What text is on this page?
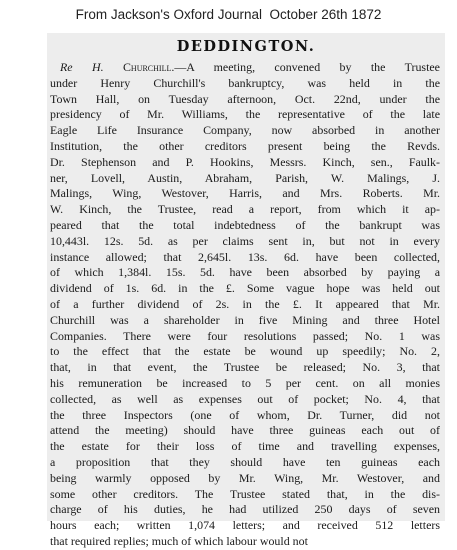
From Jackson's Oxford Journal  October 26th 1872
DEDDINGTON.
Re H. Churchill.—A meeting, convened by the Trustee
under Henry Churchill's bankruptcy, was held in the
Town Hall, on Tuesday afternoon, Oct. 22nd, under the
presidency of Mr. Williams, the representative of the late
Eagle Life Insurance Company, now absorbed in another
Institution, the other creditors present being the Revds.
Dr. Stephenson and P. Hookins, Messrs. Kinch, sen., Faulk-
ner, Lovell, Austin, Abraham, Parish, W. Malings, J.
Malings, Wing, Westover, Harris, and Mrs. Roberts. Mr.
W. Kinch, the Trustee, read a report, from which it ap-
peared that the total indebtedness of the bankrupt was
10,443l. 12s. 5d. as per claims sent in, but not in every
instance allowed; that 2,645l. 13s. 6d. have been collected,
of which 1,384l. 15s. 5d. have been absorbed by paying a
dividend of 1s. 6d. in the £. Some vague hope was held out
of a further dividend of 2s. in the £. It appeared that Mr.
Churchill was a shareholder in five Mining and three Hotel
Companies. There were four resolutions passed; No. 1 was
to the effect that the estate be wound up speedily; No. 2,
that, in that event, the Trustee be released; No. 3, that
his remuneration be increased to 5 per cent. on all monies
collected, as well as expenses out of pocket; No. 4, that
the three Inspectors (one of whom, Dr. Turner, did not
attend the meeting) should have three guineas each out of
the estate for their loss of time and travelling expenses,
a proposition that they should have ten guineas each
being warmly opposed by Mr. Wing, Mr. Westover, and
some other creditors. The Trustee stated that, in the dis-
charge of his duties, he had utilized 250 days of seven
hours each; written 1,074 letters; and received 512 letters
that required replies; much of which labour would not
